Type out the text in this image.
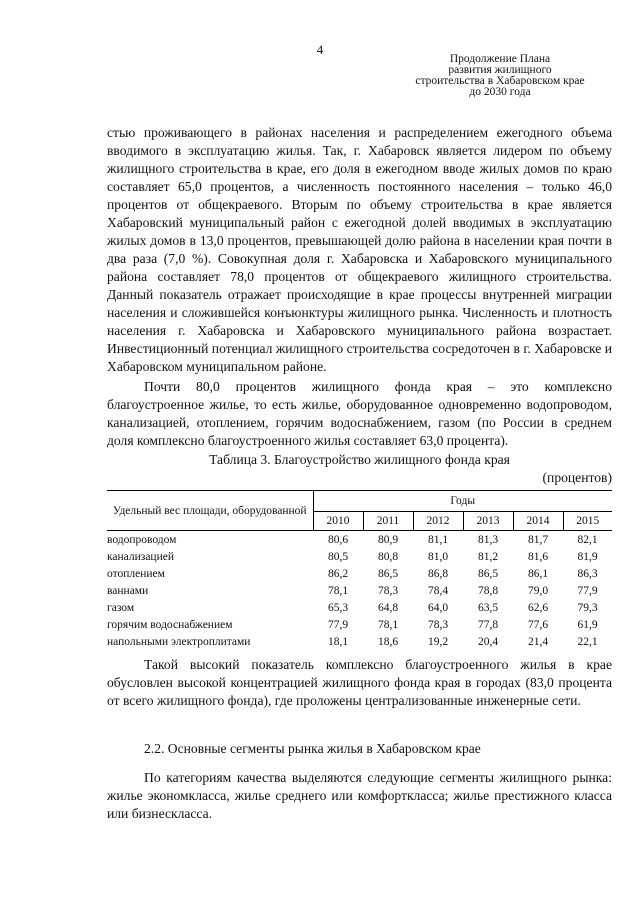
4
Продолжение Плана
развития жилищного
строительства в Хабаровском крае
до 2030 года
стью проживающего в районах населения и распределением ежегодного объема вводимого в эксплуатацию жилья. Так, г. Хабаровск является лидером по объему жилищного строительства в крае, его доля в ежегодном вводе жилых домов по краю составляет 65,0 процентов, а численность постоянного населения – только 46,0 процентов от общекраевого. Вторым по объему строительства в крае является Хабаровский муниципальный район с ежегодной долей вводимых в эксплуатацию жилых домов в 13,0 процентов, превышающей долю района в населении края почти в два раза (7,0 %). Совокупная доля г. Хабаровска и Хабаровского муниципального района составляет 78,0 процентов от общекраевого жилищного строительства. Данный показатель отражает происходящие в крае процессы внутренней миграции населения и сложившейся конъюнктуры жилищного рынка. Численность и плотность населения г. Хабаровска и Хабаровского муниципального района возрастает. Инвестиционный потенциал жилищного строительства сосредоточен в г. Хабаровске и Хабаровском муниципальном районе.
Почти 80,0 процентов жилищного фонда края – это комплексно благоустроенное жилье, то есть жилье, оборудованное одновременно водопроводом, канализацией, отоплением, горячим водоснабжением, газом (по России в среднем доля комплексно благоустроенного жилья составляет 63,0 процента).
Таблица 3. Благоустройство жилищного фонда края
(процентов)
Удельный вес площади, оборудованной	Годы					
	2010	2011	2012	2013	2014	2015
водопроводом	80,6	80,9	81,1	81,3	81,7	82,1
канализацией	80,5	80,8	81,0	81,2	81,6	81,9
отоплением	86,2	86,5	86,8	86,5	86,1	86,3
ваннами	78,1	78,3	78,4	78,8	79,0	77,9
газом	65,3	64,8	64,0	63,5	62,6	79,3
горячим водоснабжением	77,9	78,1	78,3	77,8	77,6	61,9
напольными электроплитами	18,1	18,6	19,2	20,4	21,4	22,1
Такой высокий показатель комплексно благоустроенного жилья в крае обусловлен высокой концентрацией жилищного фонда края в городах (83,0 процента от всего жилищного фонда), где проложены централизованные инженерные сети.
2.2. Основные сегменты рынка жилья в Хабаровском крае
По категориям качества выделяются следующие сегменты жилищного рынка: жилье экономкласса, жилье среднего или комфорткласса; жилье престижного класса или бизнескласса.
